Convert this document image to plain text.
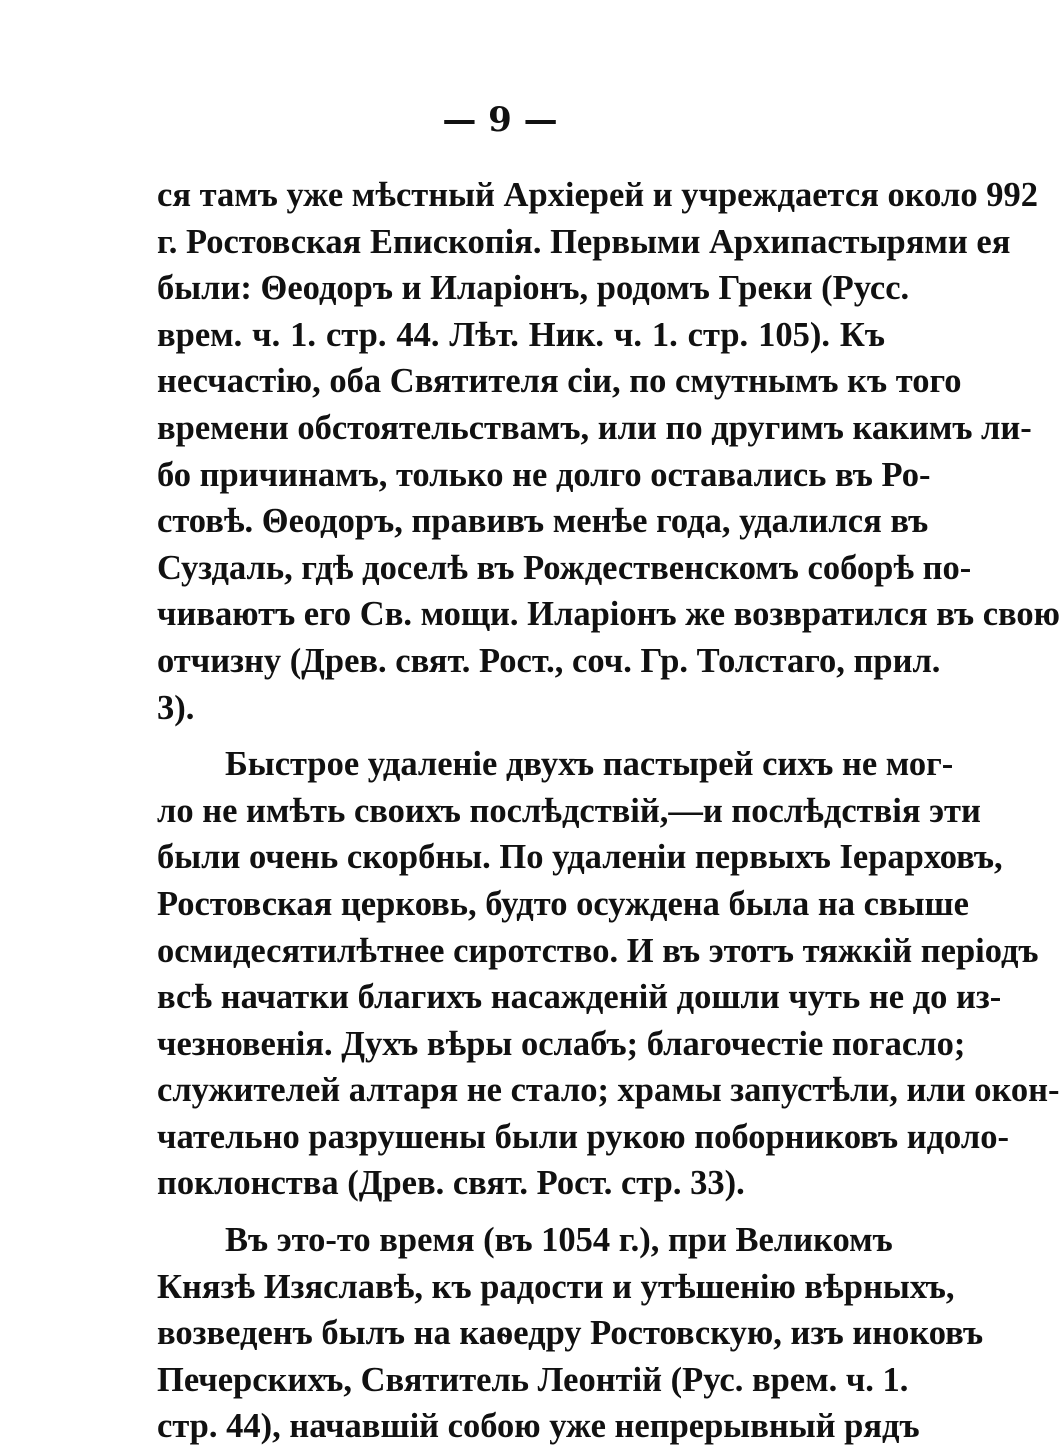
— 9 —
ся тамъ уже мѣстный Архіерей и учреждается около 992
г. Ростовская Епископія. Первыми Архипастырями ея
были: Θеодоръ и Иларіонъ, родомъ Греки (Русс.
врем. ч. 1. стр. 44. Лѣт. Ник. ч. 1. стр. 105). Къ
несчастію, оба Святителя сіи, по смутнымъ къ того
времени обстоятельствамъ, или по другимъ какимъ ли-
бо причинамъ, только не долго оставались въ Ро-
стовѣ. Θеодоръ, правивъ менѣе года, удалился въ
Суздаль, гдѣ доселѣ въ Рождественскомъ соборѣ по-
чиваютъ его Св. мощи. Иларіонъ же возвратился въ свою
отчизну (Древ. свят. Рост., соч. Гр. Толстаго, прил.
3).
Быстрое удаленіе двухъ пастырей сихъ не мог-
ло не имѣть своихъ послѣдствій,—и послѣдствія эти
были очень скорбны. По удаленіи первыхъ Іерарховъ,
Ростовская церковь, будто осуждена была на свыше
осмидесятилѣтнее сиротство. И въ этотъ тяжкій періодъ
всѣ начатки благихъ насажденій дошли чуть не до из-
чезновенія. Духъ вѣры ослабъ; благочестіе погасло;
служителей алтаря не стало; храмы запустѣли, или окон-
чательно разрушены были рукою поборниковъ идоло-
поклонства (Древ. свят. Рост. стр. 33).
Въ это-то время (въ 1054 г.), при Великомъ
Князѣ Изяславѣ, къ радости и утѣшенію вѣрныхъ,
возведенъ былъ на каѳедру Ростовскую, изъ иноковъ
Печерскихъ, Святитель Леонтій (Рус. врем. ч. 1.
стр. 44), начавшій собою уже непрерывный рядъ
